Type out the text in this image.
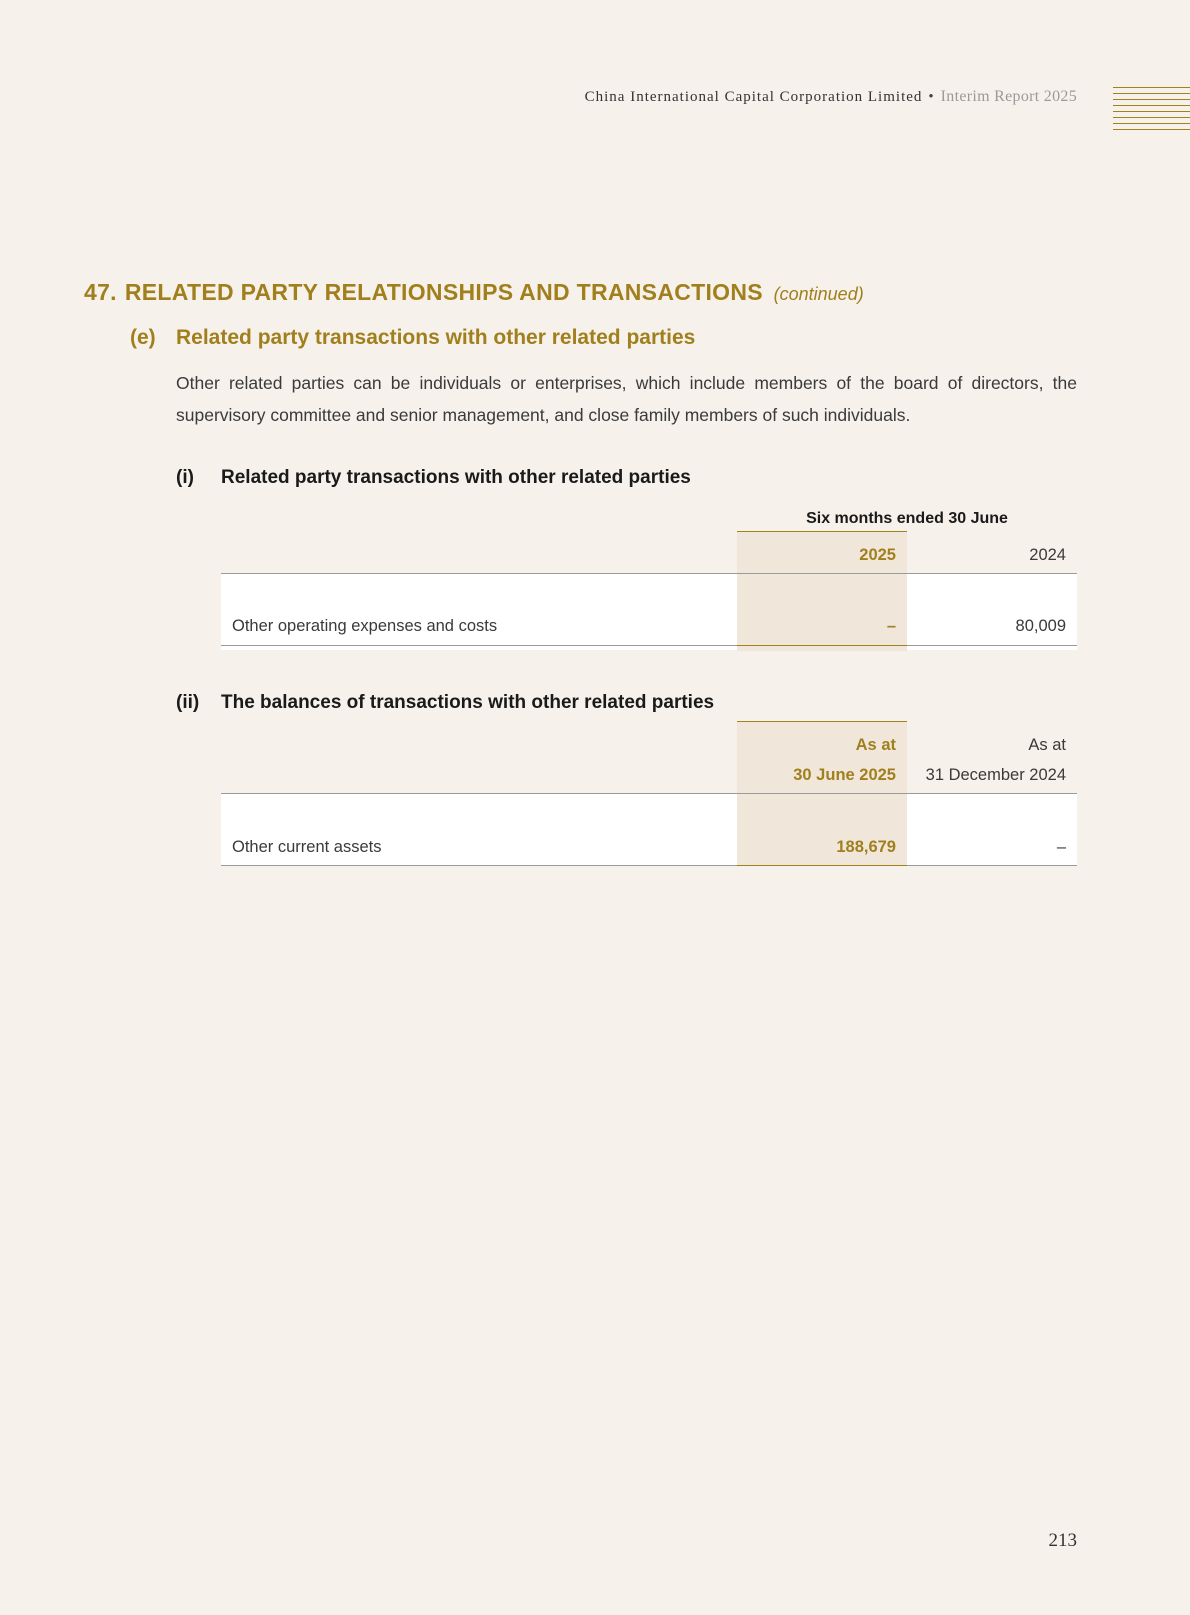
China International Capital Corporation Limited • Interim Report 2025
47. RELATED PARTY RELATIONSHIPS AND TRANSACTIONS (continued)
(e) Related party transactions with other related parties
Other related parties can be individuals or enterprises, which include members of the board of directors, the supervisory committee and senior management, and close family members of such individuals.
(i) Related party transactions with other related parties
Six months ended 30 June
2025	2024
Other operating expenses and costs	–	80,009
(ii) The balances of transactions with other related parties
As at
30 June 2025
As at
31 December 2024
Other current assets	188,679	–
213
